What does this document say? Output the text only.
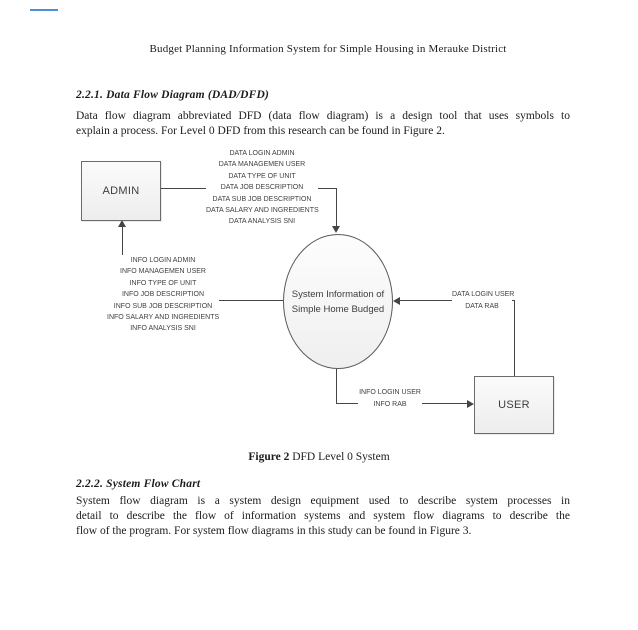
Budget Planning Information System for Simple Housing in Merauke District
2.2.1. Data Flow Diagram (DAD/DFD)
Data flow diagram abbreviated DFD (data flow diagram) is a design tool that uses symbols to
explain a process. For Level 0 DFD from this research can be found in Figure 2.
DATA LOGIN ADMIN
DATA MANAGEMEN USER
DATA TYPE OF UNIT
DATA JOB DESCRIPTION
DATA SUB JOB DESCRIPTION
DATA SALARY AND INGREDIENTS
DATA ANALYSIS SNI
INFO LOGIN ADMIN
INFO MANAGEMEN USER
INFO TYPE OF UNIT
INFO JOB DESCRIPTION
INFO SUB JOB DESCRIPTION
INFO SALARY AND INGREDIENTS
INFO ANALYSIS SNI
DATA LOGIN USER
DATA RAB
INFO LOGIN USER
INFO RAB
ADMIN
USER
System Information of
Simple Home Budged
Figure 2 DFD Level 0 System
2.2.2. System Flow Chart
System flow diagram is a system design equipment used to describe system processes in
detail to describe the flow of information systems and system flow diagrams to describe the
flow of the program. For system flow diagrams in this study can be found in Figure 3.
